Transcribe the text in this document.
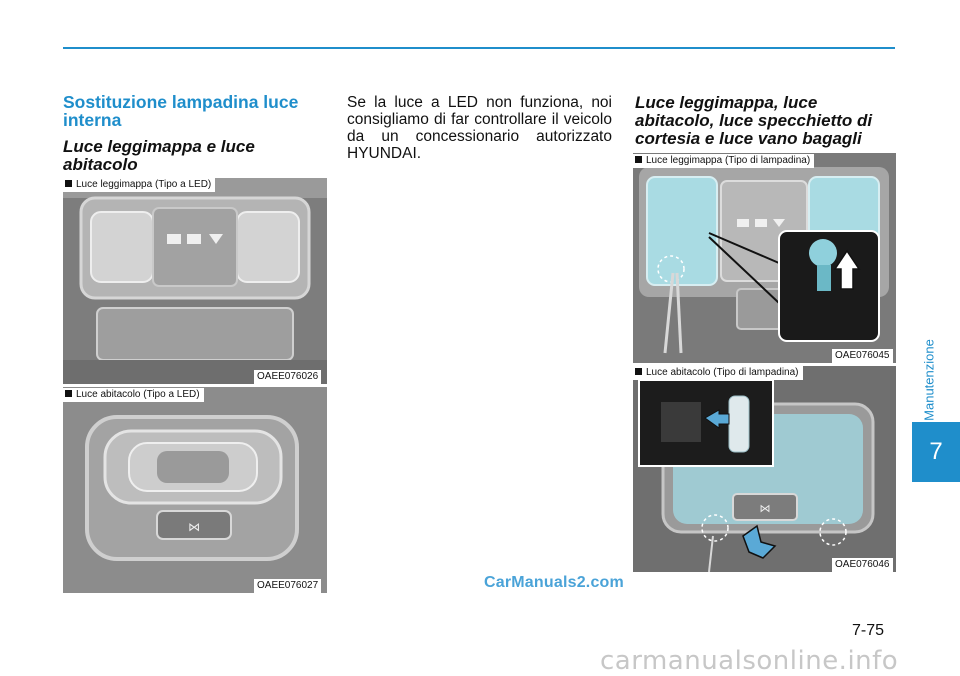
Sostituzione lampadina luce interna
Luce leggimappa e luce abitacolo
Luce leggimappa (Tipo a LED)
OAEE076026
⋈
Luce abitacolo (Tipo a LED)
OAEE076027
Se la luce a LED non funziona, noi consigliamo di far controllare il veicolo da un concessionario autorizzato HYUNDAI.
Luce leggimappa, luce abitacolo, luce specchietto di cortesia e luce vano bagagli
Luce leggimappa (Tipo di lampadina)
OAE076045
⋈
Luce abitacolo (Tipo di lampadina)
OAE076046
Manutenzione
7
CarManuals2.com
7-75
carmanualsonline.info
